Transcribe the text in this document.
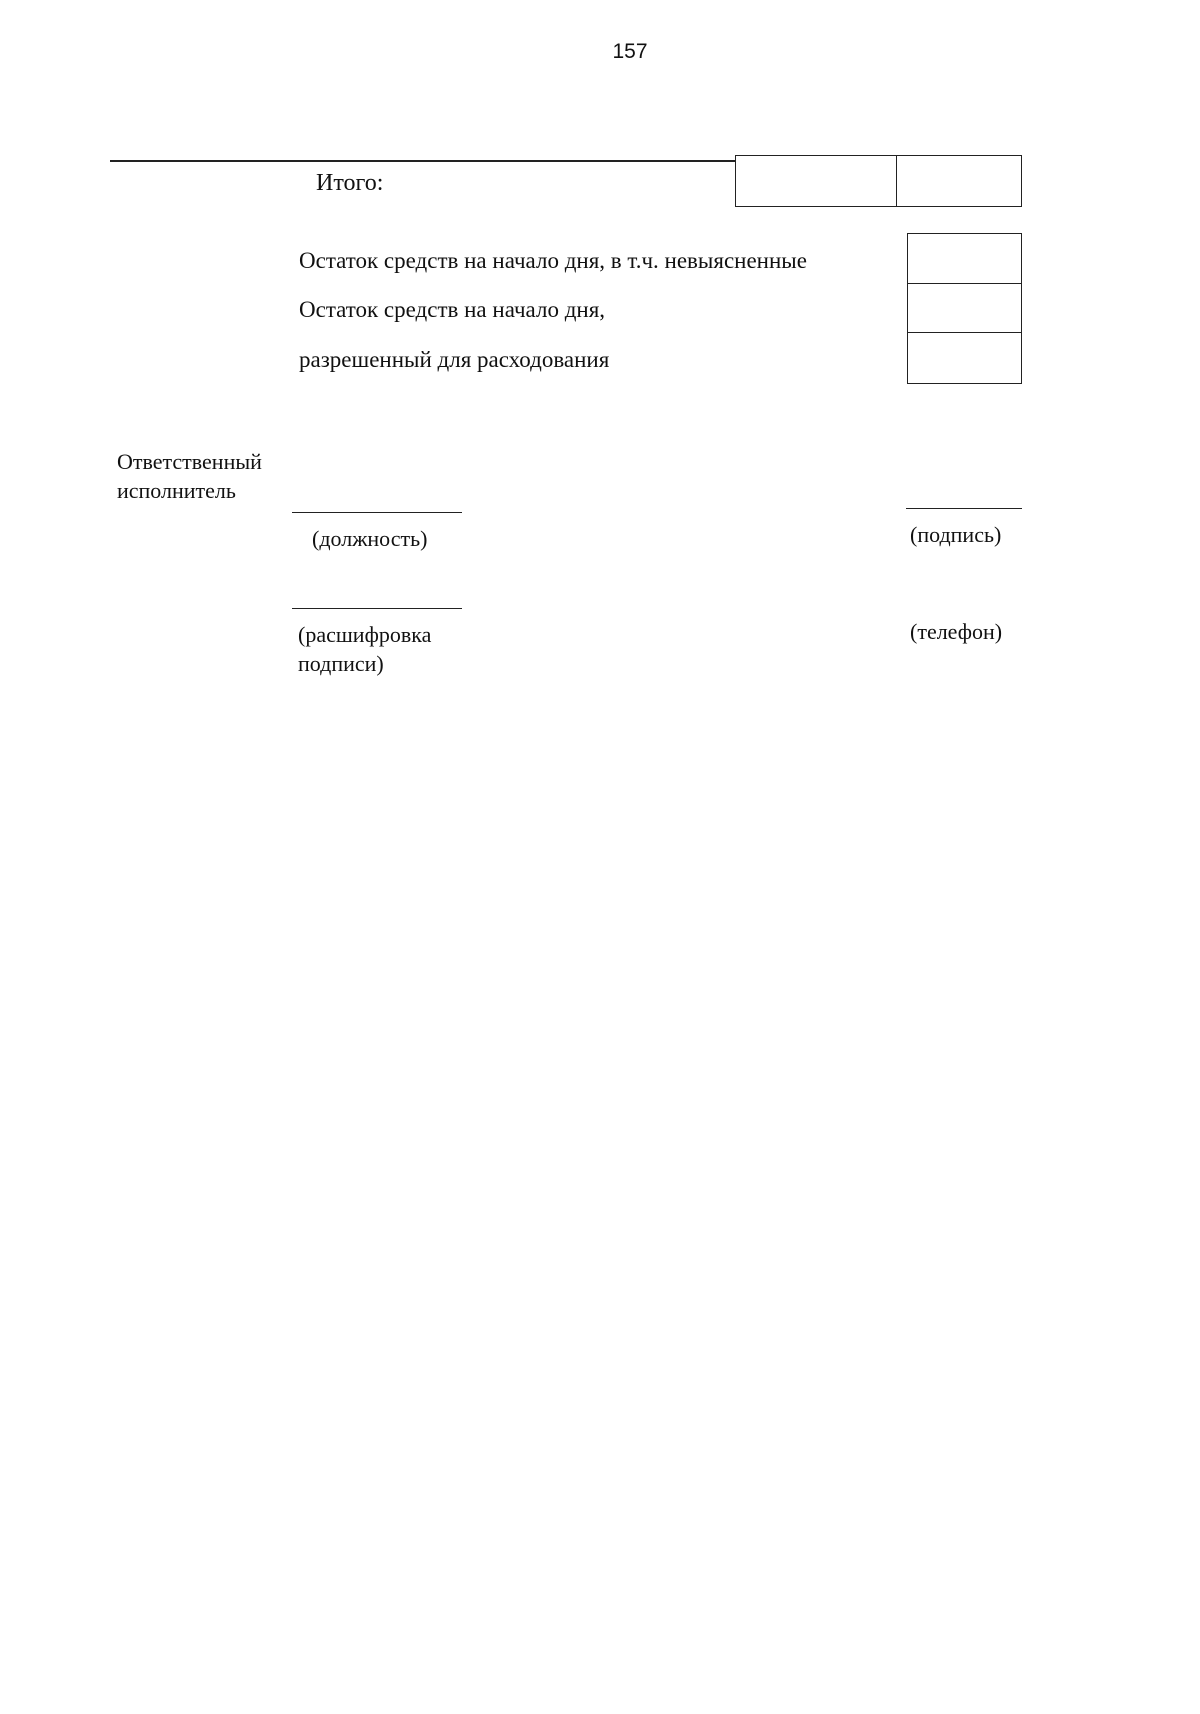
157
Итого:
Остаток средств на начало дня, в т.ч. невыясненные
Остаток средств на начало дня,
разрешенный для расходования
Ответственный исполнитель
(должность)	(подпись)
(расшифровка подписи)
(телефон)
